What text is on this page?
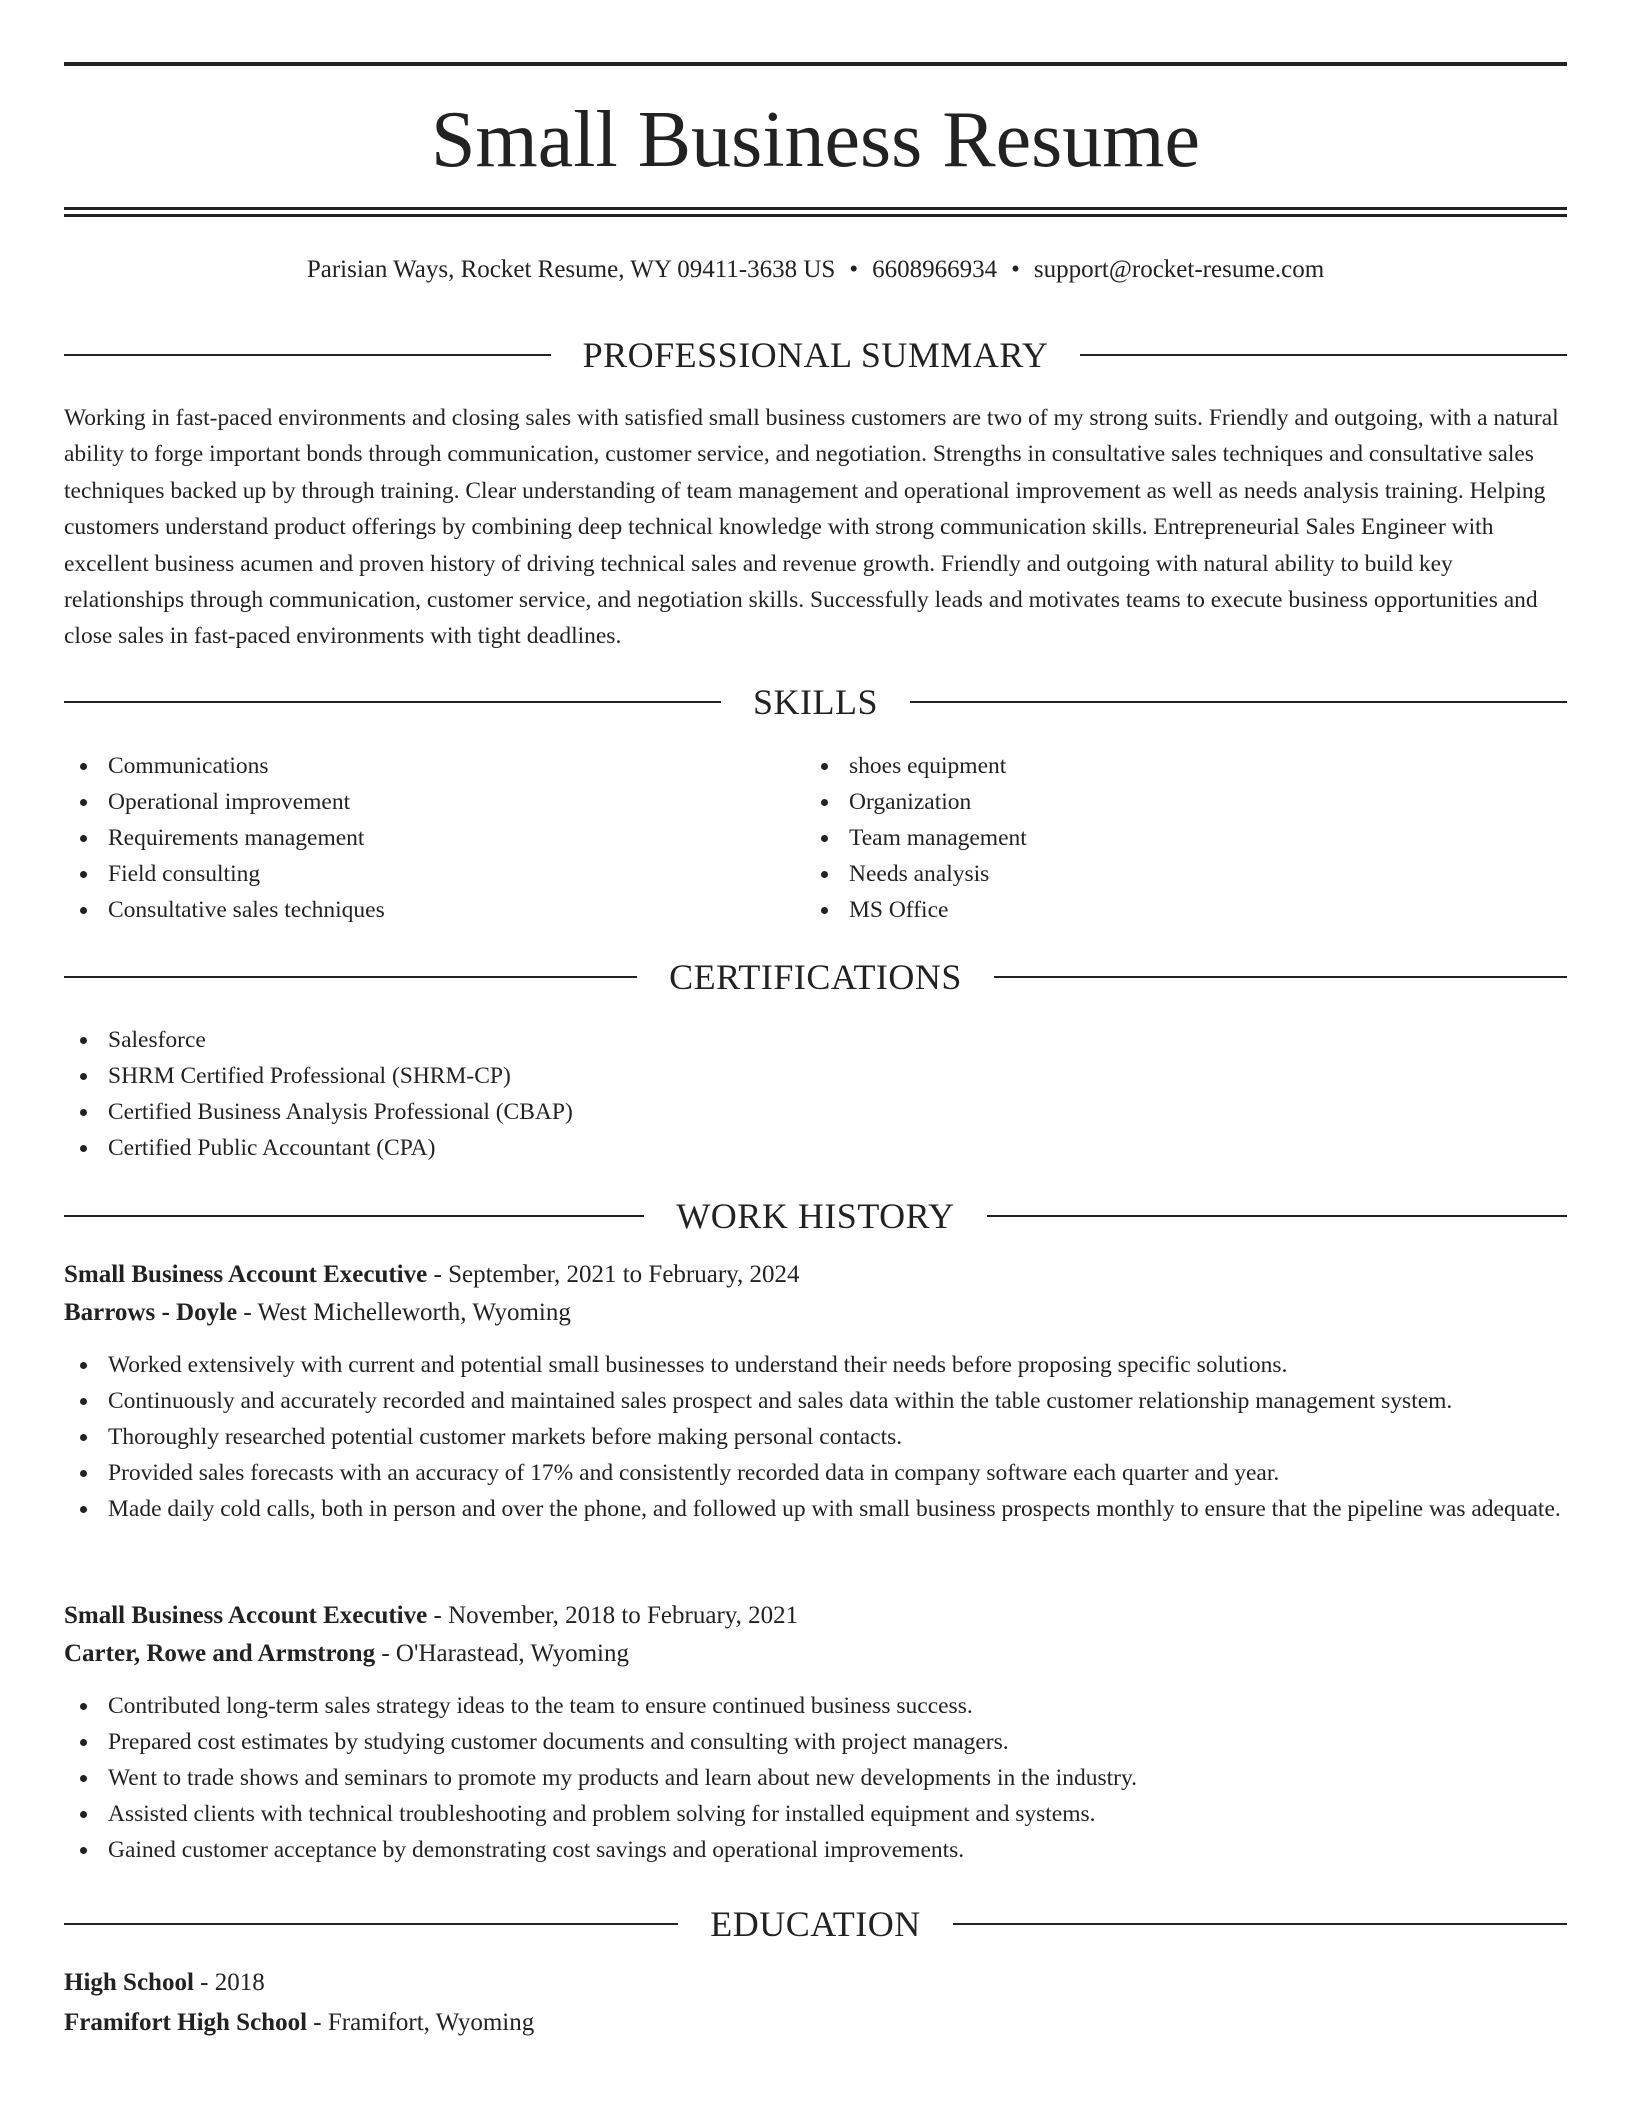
Small Business Resume
Parisian Ways, Rocket Resume, WY 09411-3638 US • 6608966934 • support@rocket-resume.com
PROFESSIONAL SUMMARY

Working in fast-paced environments and closing sales with satisfied small business customers are two of my strong suits. Friendly and outgoing, with a natural ability to forge important bonds through communication, customer service, and negotiation. Strengths in consultative sales techniques and consultative sales techniques backed up by through training. Clear understanding of team management and operational improvement as well as needs analysis training. Helping customers understand product offerings by combining deep technical knowledge with strong communication skills. Entrepreneurial Sales Engineer with excellent business acumen and proven history of driving technical sales and revenue growth. Friendly and outgoing with natural ability to build key relationships through communication, customer service, and negotiation skills. Successfully leads and motivates teams to execute business opportunities and close sales in fast-paced environments with tight deadlines.

SKILLS
Communications
Operational improvement
Requirements management
Field consulting
Consultative sales techniques
shoes equipment
Organization
Team management
Needs analysis
MS Office
CERTIFICATIONS
Salesforce
SHRM Certified Professional (SHRM-CP)
Certified Business Analysis Professional (CBAP)
Certified Public Accountant (CPA)
WORK HISTORY
Small Business Account Executive - September, 2021 to February, 2024
Barrows - Doyle - West Michelleworth, Wyoming
Worked extensively with current and potential small businesses to understand their needs before proposing specific solutions.
Continuously and accurately recorded and maintained sales prospect and sales data within the table customer relationship management system.
Thoroughly researched potential customer markets before making personal contacts.
Provided sales forecasts with an accuracy of 17% and consistently recorded data in company software each quarter and year.
Made daily cold calls, both in person and over the phone, and followed up with small business prospects monthly to ensure that the pipeline was adequate.
Small Business Account Executive - November, 2018 to February, 2021
Carter, Rowe and Armstrong - O'Harastead, Wyoming
Contributed long-term sales strategy ideas to the team to ensure continued business success.
Prepared cost estimates by studying customer documents and consulting with project managers.
Went to trade shows and seminars to promote my products and learn about new developments in the industry.
Assisted clients with technical troubleshooting and problem solving for installed equipment and systems.
Gained customer acceptance by demonstrating cost savings and operational improvements.
EDUCATION
High School - 2018
Framifort High School - Framifort, Wyoming
